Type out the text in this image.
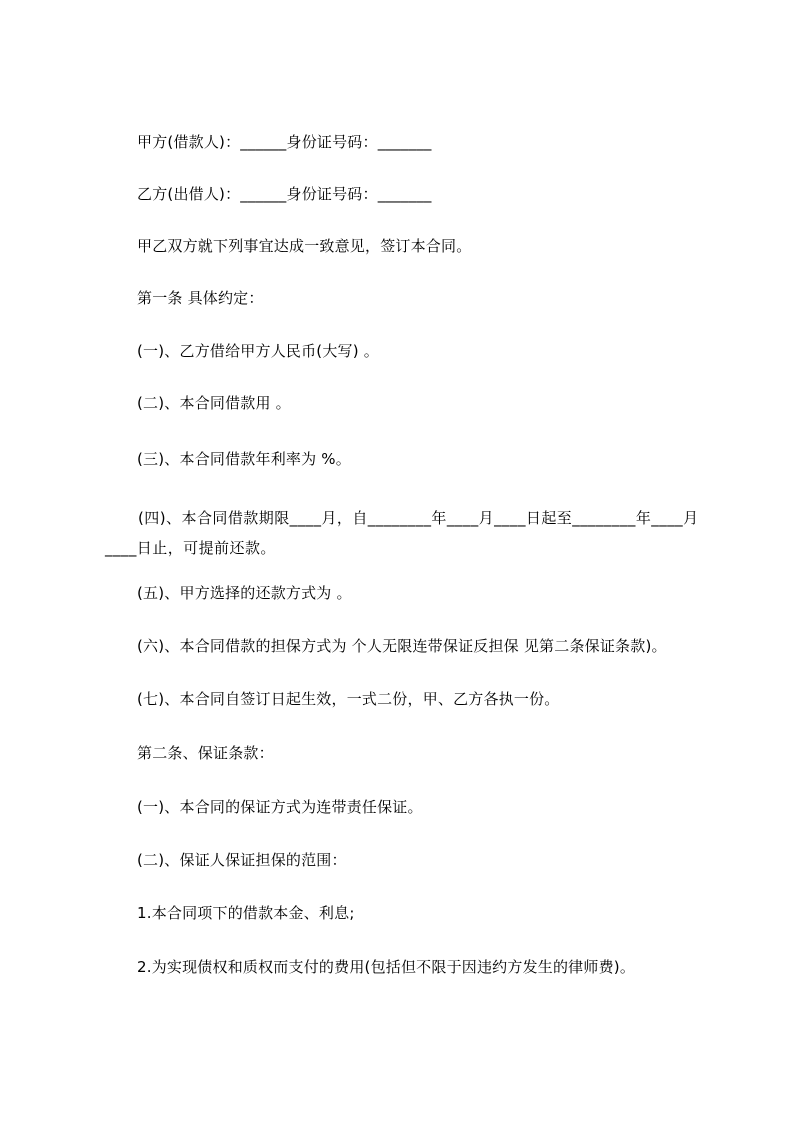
甲方(借款人)：______身份证号码：_______
乙方(出借人)：______身份证号码：_______
甲乙双方就下列事宜达成一致意见，签订本合同。
第一条 具体约定：
(一)、乙方借给甲方人民币(大写) 。
(二)、本合同借款用 。
(三)、本合同借款年利率为 %。
(四)、本合同借款期限____月，自________年____月____日起至________年____月____日止，可提前还款。
(五)、甲方选择的还款方式为 。
(六)、本合同借款的担保方式为 个人无限连带保证反担保 见第二条保证条款)。
(七)、本合同自签订日起生效，一式二份，甲、乙方各执一份。
第二条、保证条款：
(一)、本合同的保证方式为连带责任保证。
(二)、保证人保证担保的范围：
1.本合同项下的借款本金、利息;
2.为实现债权和质权而支付的费用(包括但不限于因违约方发生的律师费)。
